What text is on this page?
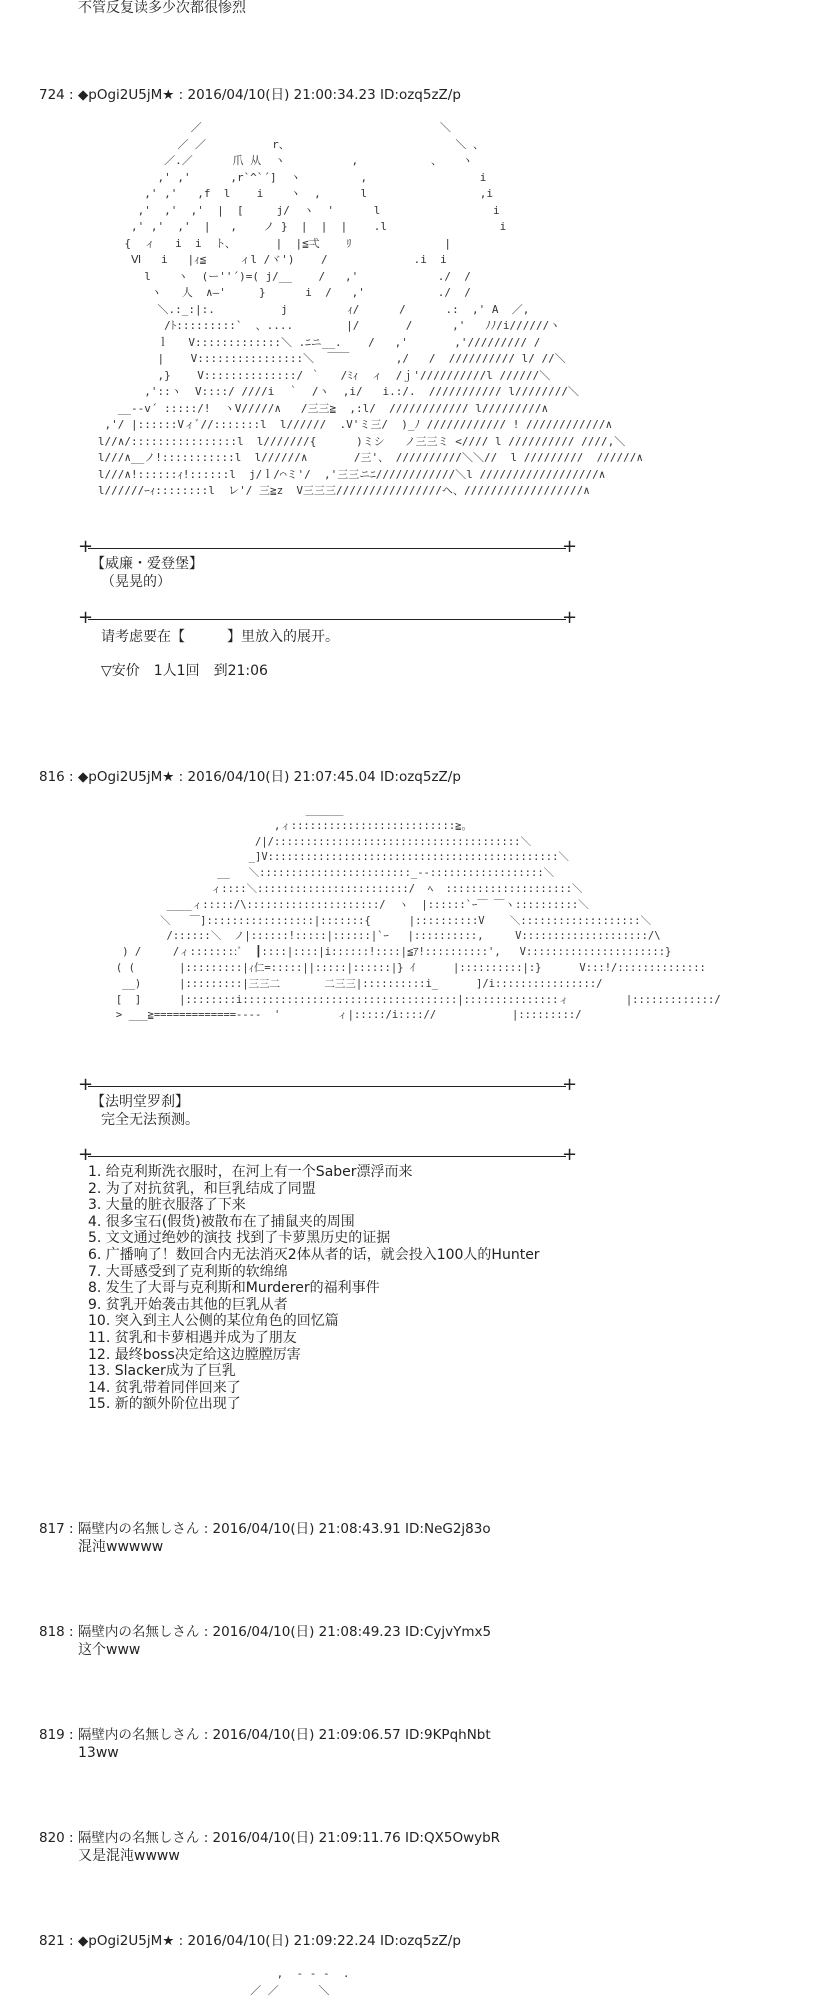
不管反复读多少次都很惨烈
724 : ◆pOgi2U5jM★ : 2016/04/10(日) 21:00:34.23 ID:ozq5zZ/p
／                                    ＼
／ ／          r、                         ＼ 、
／.／      爪 从  ヽ          ,           、   ヽ
,' ,'      ,r`^`´]  ヽ         ,                 i
,' ,'   ,f  l    i    ヽ  ,      l                 ,i
,'  ,'  ,'  |  [     j/  ヽ  '      l                 i
,' ,'  ,'  |   ,    ノ }  |  |  |    .l                 i
{  ィ   i  i  ト、      |  |≦弌    ﾘ              |
Ⅵ   i   |ｨ≦     ィl /ヾ')    /             .i  i
l    ヽ  (ー''´)=( j/__    /   ,'            ./  /
ヽ   人  ∧―'     }      i  /   ,'           ./  /
＼.:_:|:.          j         ｨ/      /      .:  ,' A  ／,
/ﾄ:::::::::`  、....        |/       /      ,'   ﾉﾉ/i//////ヽ
ｌ   V:::::::::::::＼ .ﾆニ__.    /   ,'       ,'///////// /
|    V::::::::::::::::＼  ￣￣       ,/   /  ////////// l/ //＼
,}    V::::::::::::::/ ｀   /ﾐｨ  ィ  /ｊ'//////////l //////＼
,'::ヽ  V::::/ ////i  ｀  /ヽ  ,i/   i.:/.  /////////// l////////＼
__-‐v´ :::::/!  ヽV/////∧   /三三≧  ,:l/  //////////// l/////////∧
,'/ |::::::Vィﾞ//:::::::l  l//////  .V'ミ三/  )_ﾉ //////////// ! ////////////∧
l//∧/::::::::::::::::l  l///////{      )ミシ   ノ三三ミ <//// l ////////// ////,＼
l///∧__ノ!:::::::::::l  l//////∧       /三'、 //////////＼＼//  l /////////  //////∧
l///∧!::::::ｨ!::::::l  j/ｌ/⌒ミ'/  ,'三三ニﾆ////////////＼l //////////////////∧
l//////ｰｨ::::::::l  レ'/ 三≧z  V三三三////////////////ヘ、//////////////////∧
+	+
【威廉・爱登堡】
（晃晃的）
+	+
请考虑要在【　　　】里放入的展开。
▽安价　1人1回　到21:06
816 : ◆pOgi2U5jM★ : 2016/04/10(日) 21:07:45.04 ID:ozq5zZ/p
______
,ィ::::::::::::::::::::::::::≧。
/|/:::::::::::::::::::::::::::::::::::::::＼
_]V::::::::::::::::::::::::::::::::::::::::::::::＼
__   ＼::::::::::::::::::::::::_--::::::::::::::::::＼
ィ::::＼::::::::::::::::::::::::/  ﾍ  ::::::::::::::::::::＼
____ィ:::::/\:::::::::::::::::::::/  ヽ  |::::::`ｰ￣ ￣ヽ::::::::::＼
＼   ￣]:::::::::::::::::|:::::::{      |::::::::::V    ＼:::::::::::::::::::＼
/::::::＼  ノ|::::::!:::::|::::::|`ｰ   |::::::::::,     V::::::::::::::::::::/\
) /     /ィ::::::::ﾞ  ┃::::|::::|i::::::!::::|≦ｱ!::::::::::',   V::::::::::::::::::::::}
( (       |:::::::::|ｨ仁=:::::||:::::|::::::|} ｲ      |::::::::::|:}      V:::!/::::::::::::::
__)      |:::::::::|三三二       二三三|::::::::::i_      ]/i::::::::::::::::/
[  ]      |::::::::i::::::::::::::::::::::::::::::::::|:::::::::::::::ィ         |:::::::::::::/
> ___≧=============---‐  '         ィ|:::::/i:::://            |:::::::::/
+	+
【法明堂罗刹】
完全无法预测。
+	+
1. 给克利斯洗衣服时，在河上有一个Saber漂浮而来
2. 为了对抗贫乳，和巨乳结成了同盟
3. 大量的脏衣服落了下来
4. 很多宝石(假货)被散布在了捕鼠夹的周围
5. 文文通过绝妙的演技 找到了卡萝黑历史的证据
6. 广播响了！数回合内无法消灭2体从者的话，就会投入100人的Hunter
7. 大哥感受到了克利斯的软绵绵
8. 发生了大哥与克利斯和Murderer的福利事件
9. 贫乳开始袭击其他的巨乳从者
10. 突入到主人公侧的某位角色的回忆篇
11. 贫乳和卡萝相遇并成为了朋友
12. 最终boss决定给这边膛膛厉害
13. Slacker成为了巨乳
14. 贫乳带着同伴回来了
15. 新的额外阶位出现了
817 : 隔壁内の名無しさん : 2016/04/10(日) 21:08:43.91 ID:NeG2j83o
混沌wwwww
818 : 隔壁内の名無しさん : 2016/04/10(日) 21:08:49.23 ID:CyjvYmx5
这个www
819 : 隔壁内の名無しさん : 2016/04/10(日) 21:09:06.57 ID:9KPqhNbt
13ww
820 : 隔壁内の名無しさん : 2016/04/10(日) 21:09:11.76 ID:QX5OwybR
又是混沌wwww
821 : ◆pOgi2U5jM★ : 2016/04/10(日) 21:09:22.24 ID:ozq5zZ/p
,  - ‐ -  .
／ ／      ＼
